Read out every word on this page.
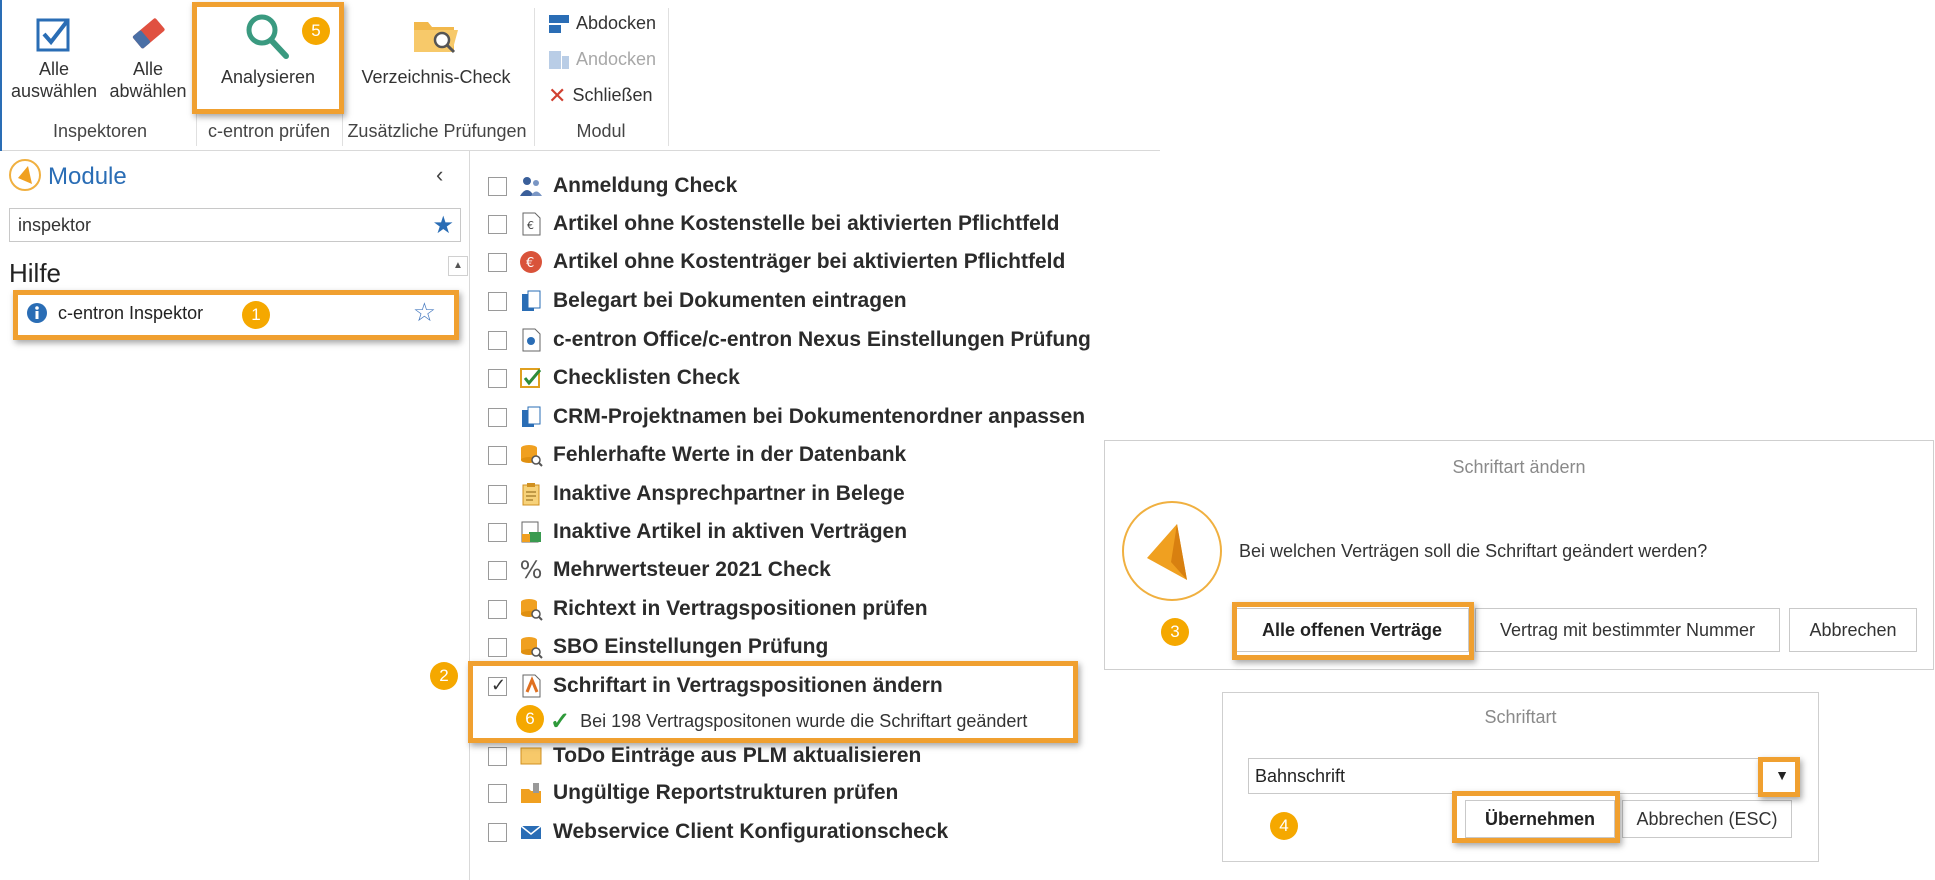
Alle
auswählen
Alle
abwählen
Analysieren	Verzeichnis-Check
Inspektoren	c-entron prüfen Zusätzliche Prüfungen
Abdocken
Andocken
✕ Schließen
Modul
Module	‹
inspektor
★
Hilfe	▲
c-entron Inspektor	☆
Anmeldung Check
€ Artikel ohne Kostenstelle bei aktivierten Pflichtfeld
€ Artikel ohne Kostenträger bei aktivierten Pflichtfeld
Belegart bei Dokumenten eintragen
c-entron Office/c-entron Nexus Einstellungen Prüfung
Checklisten Check
CRM-Projektnamen bei Dokumentenordner anpassen
Fehlerhafte Werte in der Datenbank
Inaktive Ansprechpartner in Belege
Inaktive Artikel in aktiven Verträgen
% Mehrwertsteuer 2021 Check
Richtext in Vertragspositionen prüfen
SBO Einstellungen Prüfung
✓
Schriftart in Vertragspositionen ändern
✓ Bei 198 Vertragspositonen wurde die Schriftart geändert
ToDo Einträge aus PLM aktualisieren
Ungültige Reportstrukturen prüfen
Webservice Client Konfigurationscheck
Schriftart ändern
Bei welchen Verträgen soll die Schriftart geändert werden?
Alle offenen Verträge	Vertrag mit bestimmter Nummer	Abbrechen
Schriftart
Bahnschrift	▼
Übernehmen	Abbrechen (ESC)
1
5
2
6
3
4
